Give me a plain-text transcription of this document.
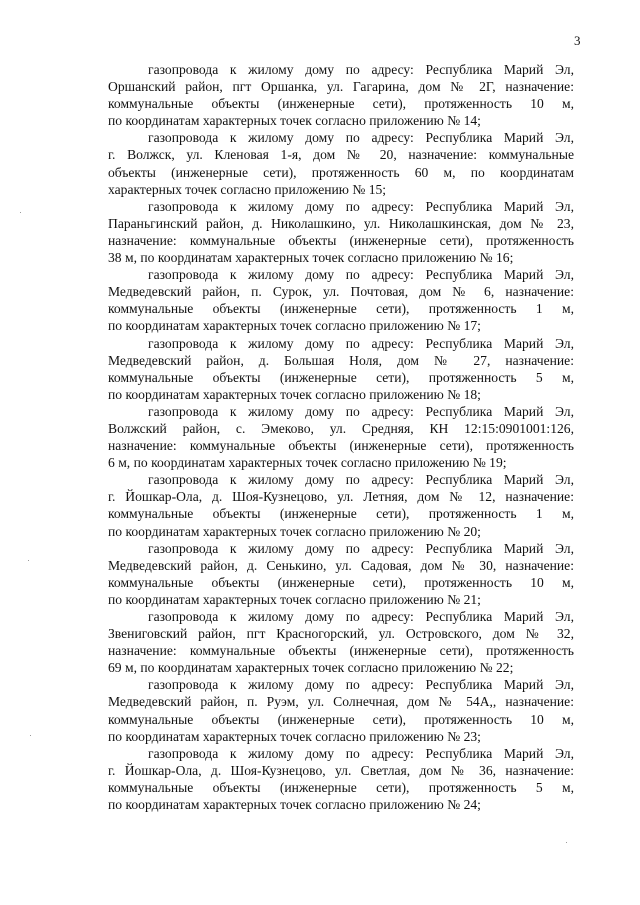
3
газопровода к жилому дому по адресу: Республика Марий Эл,
Оршанский район, пгт Оршанка, ул. Гагарина, дом № 2Г, назначение:
коммунальные объекты (инженерные сети), протяженность 10 м,
по координатам характерных точек согласно приложению № 14;
газопровода к жилому дому по адресу: Республика Марий Эл,
г. Волжск, ул. Кленовая 1-я, дом № 20, назначение: коммунальные
объекты (инженерные сети), протяженность 60 м, по координатам
характерных точек согласно приложению № 15;
газопровода к жилому дому по адресу: Республика Марий Эл,
Параньгинский район, д. Николашкино, ул. Николашкинская, дом № 23,
назначение: коммунальные объекты (инженерные сети), протяженность
38 м, по координатам характерных точек согласно приложению № 16;
газопровода к жилому дому по адресу: Республика Марий Эл,
Медведевский район, п. Сурок, ул. Почтовая, дом № 6, назначение:
коммунальные объекты (инженерные сети), протяженность 1 м,
по координатам характерных точек согласно приложению № 17;
газопровода к жилому дому по адресу: Республика Марий Эл,
Медведевский район, д. Большая Ноля, дом № 27, назначение:
коммунальные объекты (инженерные сети), протяженность 5 м,
по координатам характерных точек согласно приложению № 18;
газопровода к жилому дому по адресу: Республика Марий Эл,
Волжский район, с. Эмеково, ул. Средняя, КН 12:15:0901001:126,
назначение: коммунальные объекты (инженерные сети), протяженность
6 м, по координатам характерных точек согласно приложению № 19;
газопровода к жилому дому по адресу: Республика Марий Эл,
г. Йошкар-Ола, д. Шоя-Кузнецово, ул. Летняя, дом № 12, назначение:
коммунальные объекты (инженерные сети), протяженность 1 м,
по координатам характерных точек согласно приложению № 20;
газопровода к жилому дому по адресу: Республика Марий Эл,
Медведевский район, д. Сенькино, ул. Садовая, дом № 30, назначение:
коммунальные объекты (инженерные сети), протяженность 10 м,
по координатам характерных точек согласно приложению № 21;
газопровода к жилому дому по адресу: Республика Марий Эл,
Звениговский район, пгт Красногорский, ул. Островского, дом № 32,
назначение: коммунальные объекты (инженерные сети), протяженность
69 м, по координатам характерных точек согласно приложению № 22;
газопровода к жилому дому по адресу: Республика Марий Эл,
Медведевский район, п. Руэм, ул. Солнечная, дом № 54А,, назначение:
коммунальные объекты (инженерные сети), протяженность 10 м,
по координатам характерных точек согласно приложению № 23;
газопровода к жилому дому по адресу: Республика Марий Эл,
г. Йошкар-Ола, д. Шоя-Кузнецово, ул. Светлая, дом № 36, назначение:
коммунальные объекты (инженерные сети), протяженность 5 м,
по координатам характерных точек согласно приложению № 24;
